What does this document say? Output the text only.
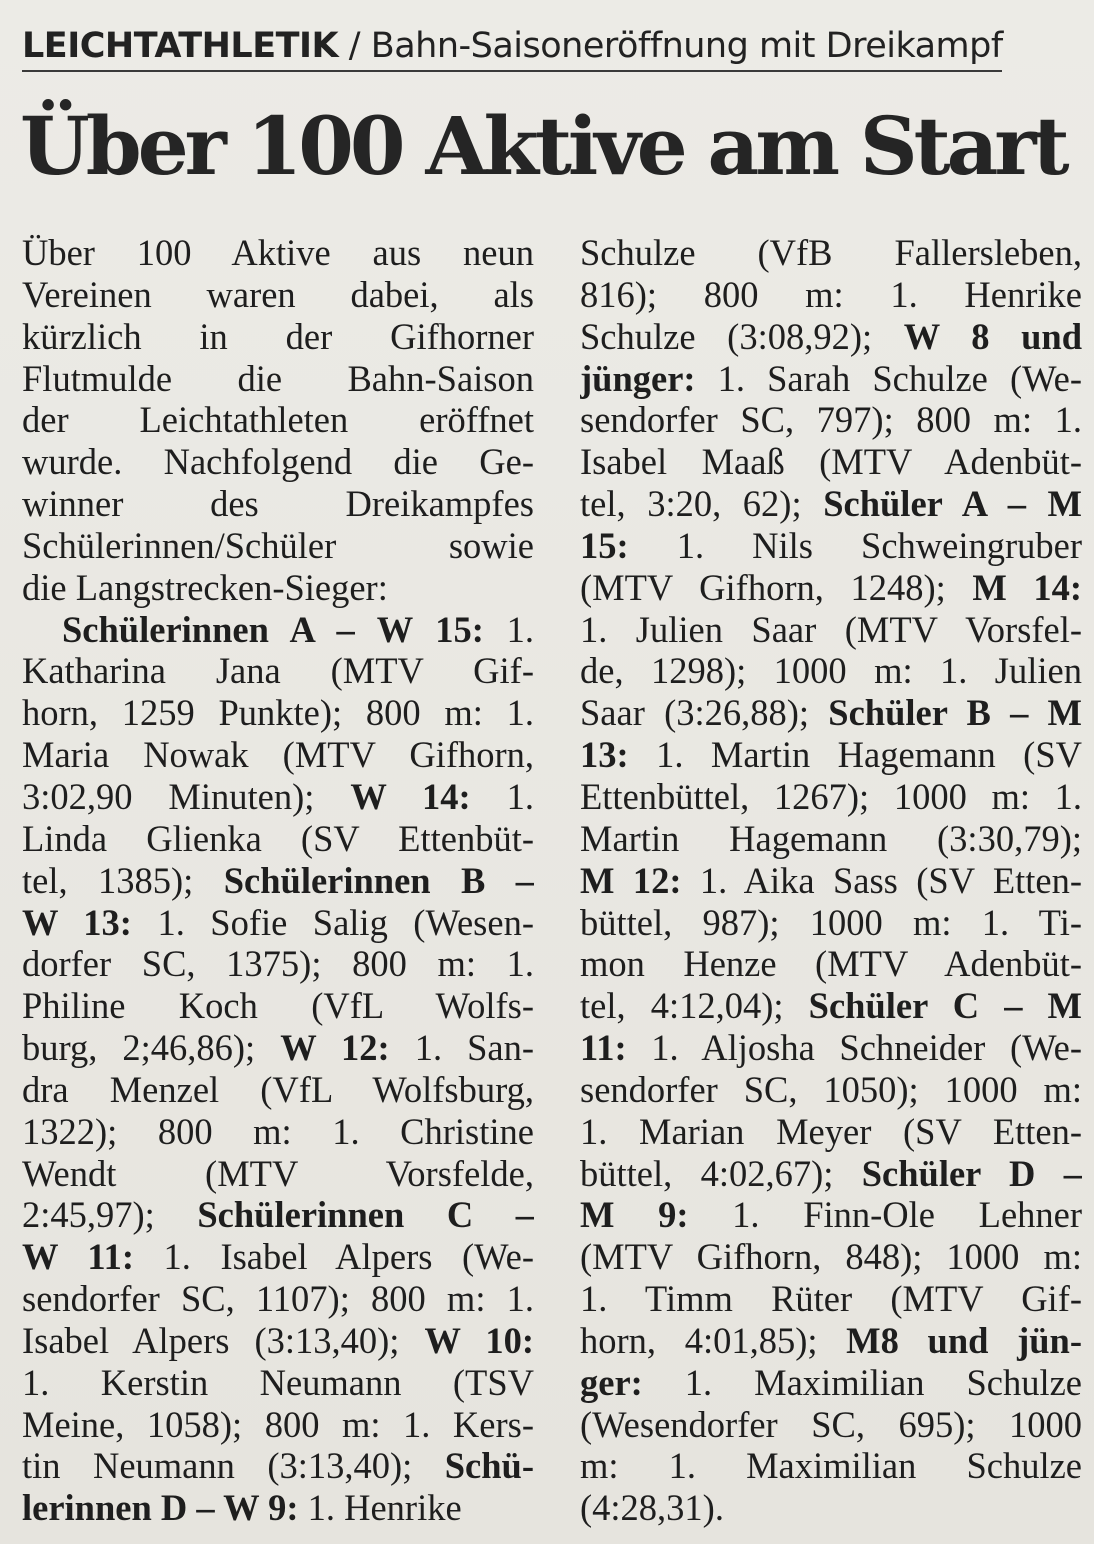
LEICHTATHLETIK / Bahn-Saisoneröffnung mit Dreikampf
Über 100 Aktive am Start
Über 100 Aktive aus neun
Vereinen waren dabei, als
kürzlich in der Gifhorner
Flutmulde die Bahn-Saison
der Leichtathleten eröffnet
wurde. Nachfolgend die Ge-
winner des Dreikampfes
Schülerinnen/Schüler sowie
die Langstrecken-Sieger:
Schülerinnen A – W 15: 1.
Katharina Jana (MTV Gif-
horn, 1259 Punkte); 800 m: 1.
Maria Nowak (MTV Gifhorn,
3:02,90 Minuten); W 14: 1.
Linda Glienka (SV Ettenbüt-
tel, 1385); Schülerinnen B –
W 13: 1. Sofie Salig (Wesen-
dorfer SC, 1375); 800 m: 1.
Philine Koch (VfL Wolfs-
burg, 2;46,86); W 12: 1. San-
dra Menzel (VfL Wolfsburg,
1322); 800 m: 1. Christine
Wendt (MTV Vorsfelde,
2:45,97); Schülerinnen C –
W 11: 1. Isabel Alpers (We-
sendorfer SC, 1107); 800 m: 1.
Isabel Alpers (3:13,40); W 10:
1. Kerstin Neumann (TSV
Meine, 1058); 800 m: 1. Kers-
tin Neumann (3:13,40); Schü-
lerinnen D – W 9: 1. Henrike
Schulze (VfB Fallersleben,
816); 800 m: 1. Henrike
Schulze (3:08,92); W 8 und
jünger: 1. Sarah Schulze (We-
sendorfer SC, 797); 800 m: 1.
Isabel Maaß (MTV Adenbüt-
tel, 3:20, 62); Schüler A – M
15: 1. Nils Schweingruber
(MTV Gifhorn, 1248); M 14:
1. Julien Saar (MTV Vorsfel-
de, 1298); 1000 m: 1. Julien
Saar (3:26,88); Schüler B – M
13: 1. Martin Hagemann (SV
Ettenbüttel, 1267); 1000 m: 1.
Martin Hagemann (3:30,79);
M 12: 1. Aika Sass (SV Etten-
büttel, 987); 1000 m: 1. Ti-
mon Henze (MTV Adenbüt-
tel, 4:12,04); Schüler C – M
11: 1. Aljosha Schneider (We-
sendorfer SC, 1050); 1000 m:
1. Marian Meyer (SV Etten-
büttel, 4:02,67); Schüler D –
M 9: 1. Finn-Ole Lehner
(MTV Gifhorn, 848); 1000 m:
1. Timm Rüter (MTV Gif-
horn, 4:01,85); M8 und jün-
ger: 1. Maximilian Schulze
(Wesendorfer SC, 695); 1000
m: 1. Maximilian Schulze
(4:28,31).
